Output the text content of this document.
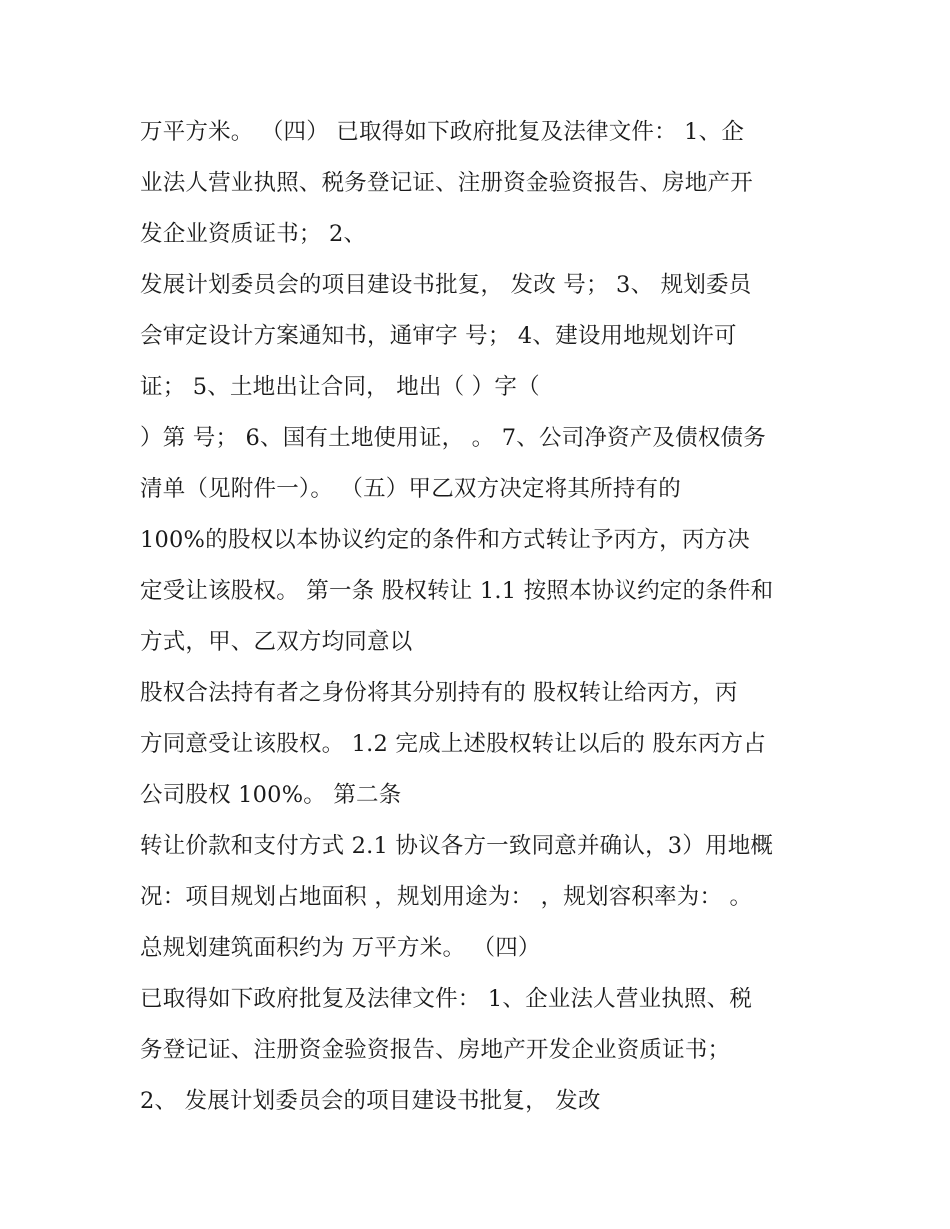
万平方米。 （四） 已取得如下政府批复及法律文件： 1、企
业法人营业执照、税务登记证、注册资金验资报告、房地产开
发企业资质证书； 2、
发展计划委员会的项目建设书批复， 发改 号； 3、 规划委员
会审定设计方案通知书，通审字 号； 4、建设用地规划许可
证； 5、土地出让合同， 地出（ ）字（
）第 号； 6、国有土地使用证， 。 7、公司净资产及债权债务
清单（见附件一）。 （五）甲乙双方决定将其所持有的
100%的股权以本协议约定的条件和方式转让予丙方，丙方决
定受让该股权。 第一条 股权转让 1.1 按照本协议约定的条件和
方式，甲、乙双方均同意以
股权合法持有者之身份将其分别持有的 股权转让给丙方，丙
方同意受让该股权。 1.2 完成上述股权转让以后的 股东丙方占
公司股权 100%。 第二条
转让价款和支付方式 2.1 协议各方一致同意并确认，3）用地概
况：项目规划占地面积 ，规划用途为： ，规划容积率为： 。
总规划建筑面积约为 万平方米。 （四）
已取得如下政府批复及法律文件： 1、企业法人营业执照、税
务登记证、注册资金验资报告、房地产开发企业资质证书；
2、 发展计划委员会的项目建设书批复， 发改
